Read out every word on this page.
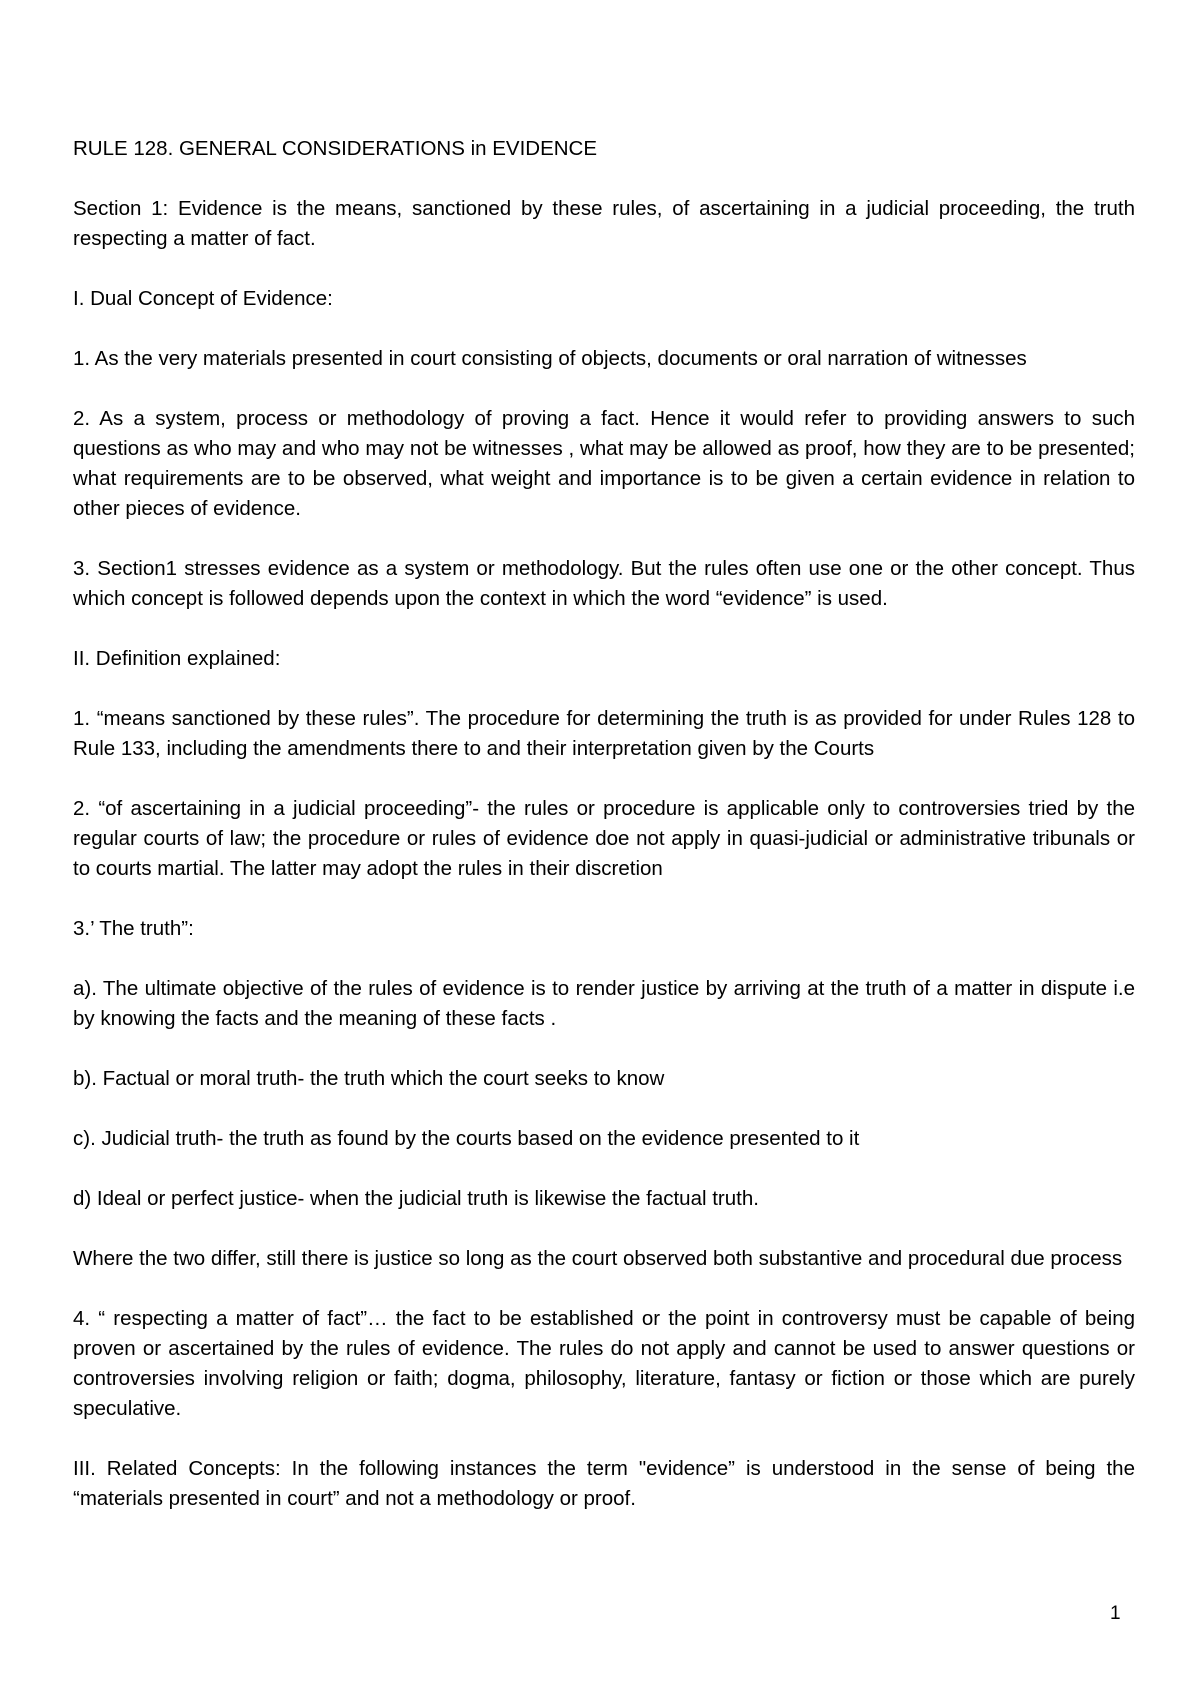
RULE 128. GENERAL CONSIDERATIONS in EVIDENCE

Section 1: Evidence is the means, sanctioned by these rules, of ascertaining in a judicial proceeding, the truth respecting a matter of fact.

I. Dual Concept of Evidence:

1. As the very materials presented in court consisting of objects, documents or oral narration of witnesses

2. As a system, process or methodology of proving a fact. Hence it would refer to providing answers to such questions as who may and who may not be witnesses , what may be allowed as proof, how they are to be presented; what requirements are to be observed, what weight and importance is to be given a certain evidence in relation to other pieces of evidence.

3. Section1 stresses evidence as a system or methodology. But the rules often use one or the other concept. Thus which concept is followed depends upon the context in which the word “evidence” is used.

II. Definition explained:

1. “means sanctioned by these rules”. The procedure for determining the truth is as provided for under Rules 128 to Rule 133, including the amendments there to and their interpretation given by the Courts

2. “of ascertaining in a judicial proceeding”- the rules or procedure is applicable only to controversies tried by the regular courts of law; the procedure or rules of evidence doe not apply in quasi-judicial or administrative tribunals or to courts martial. The latter may adopt the rules in their discretion

3.’ The truth”:

a). The ultimate objective of the rules of evidence is to render justice by arriving at the truth of a matter in dispute i.e by knowing the facts and the meaning of these facts .

b). Factual or moral truth- the truth which the court seeks to know

c). Judicial truth- the truth as found by the courts based on the evidence presented to it

d) Ideal or perfect justice- when the judicial truth is likewise the factual truth.

Where the two differ, still there is justice so long as the court observed both substantive and procedural due process

4. “ respecting a matter of fact”… the fact to be established or the point in controversy must be capable of being proven or ascertained by the rules of evidence. The rules do not apply and cannot be used to answer questions or controversies involving religion or faith; dogma, philosophy, literature, fantasy or fiction or those which are purely speculative.

III. Related Concepts: In the following instances the term "evidence” is understood in the sense of being the “materials presented in court” and not a methodology or proof.

1
